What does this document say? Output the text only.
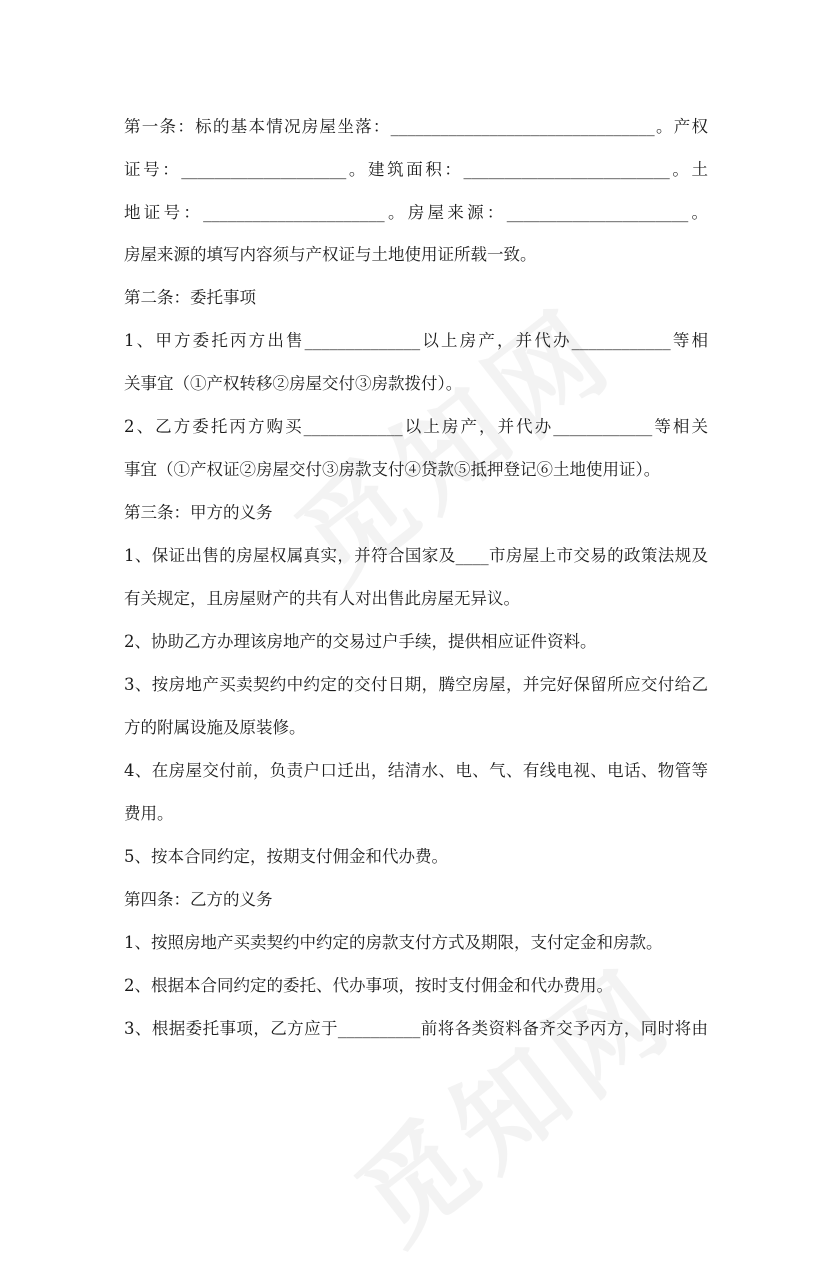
第一条：标的基本情况房屋坐落：________________________________。产权
证号：____________________。建筑面积：_________________________。土
地证号：______________________。房屋来源：______________________。
房屋来源的填写内容须与产权证与土地使用证所载一致。
第二条：委托事项
1、甲方委托丙方出售______________以上房产，并代办____________等相
关事宜（①产权转移②房屋交付③房款拨付）。
2、乙方委托丙方购买____________以上房产，并代办____________等相关
事宜（①产权证②房屋交付③房款支付④贷款⑤抵押登记⑥土地使用证）。
第三条：甲方的义务
1、保证出售的房屋权属真实，并符合国家及____市房屋上市交易的政策法规及
有关规定，且房屋财产的共有人对出售此房屋无异议。
2、协助乙方办理该房地产的交易过户手续，提供相应证件资料。
3、按房地产买卖契约中约定的交付日期，腾空房屋，并完好保留所应交付给乙
方的附属设施及原装修。
4、在房屋交付前，负责户口迁出，结清水、电、气、有线电视、电话、物管等
费用。
5、按本合同约定，按期支付佣金和代办费。
第四条：乙方的义务
1、按照房地产买卖契约中约定的房款支付方式及期限，支付定金和房款。
2、根据本合同约定的委托、代办事项，按时支付佣金和代办费用。
3、根据委托事项，乙方应于__________前将各类资料备齐交予丙方，同时将由
